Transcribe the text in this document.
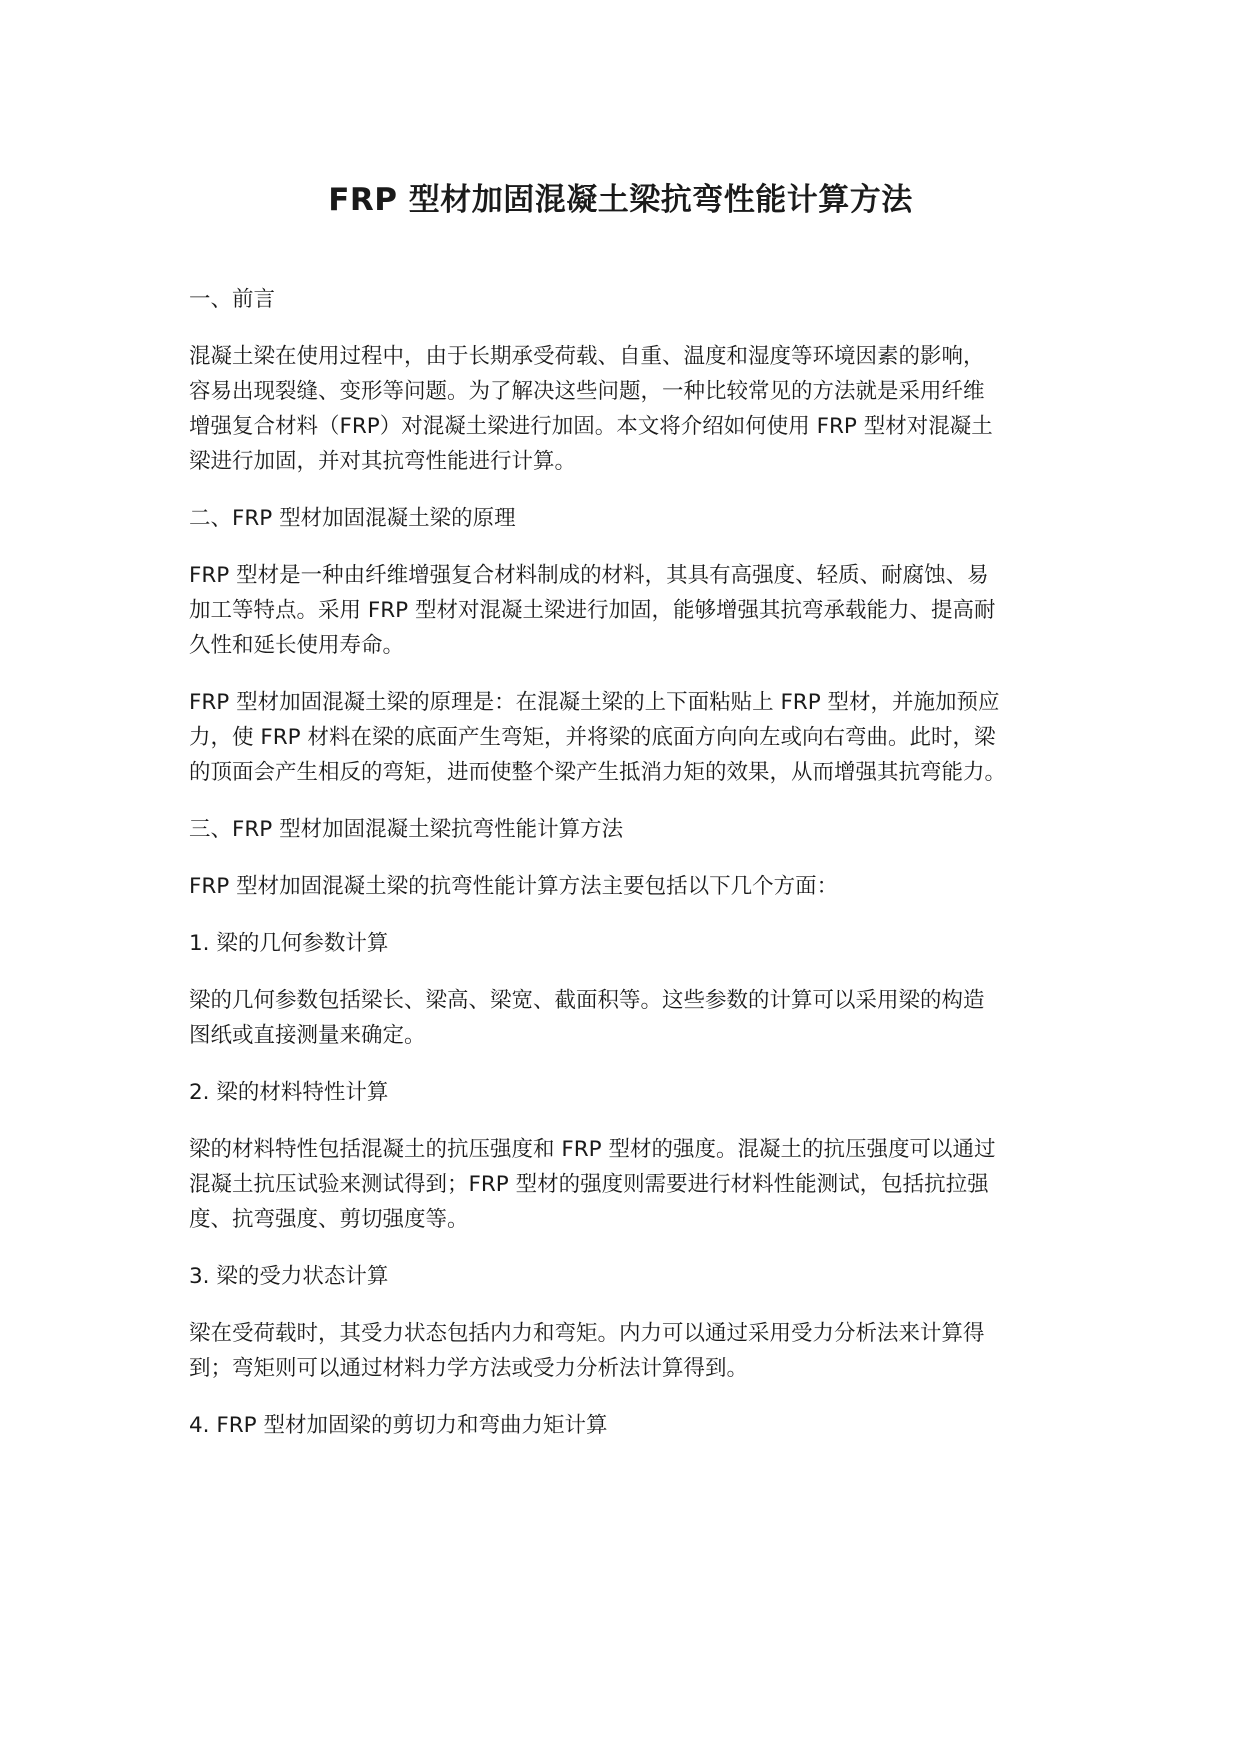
FRP 型材加固混凝土梁抗弯性能计算方法

一、前言

混凝土梁在使用过程中，由于长期承受荷载、自重、温度和湿度等环境因素的影响，
容易出现裂缝、变形等问题。为了解决这些问题，一种比较常见的方法就是采用纤维
增强复合材料（FRP）对混凝土梁进行加固。本文将介绍如何使用 FRP 型材对混凝土
梁进行加固，并对其抗弯性能进行计算。

二、FRP 型材加固混凝土梁的原理

FRP 型材是一种由纤维增强复合材料制成的材料，其具有高强度、轻质、耐腐蚀、易
加工等特点。采用 FRP 型材对混凝土梁进行加固，能够增强其抗弯承载能力、提高耐
久性和延长使用寿命。

FRP 型材加固混凝土梁的原理是：在混凝土梁的上下面粘贴上 FRP 型材，并施加预应
力，使 FRP 材料在梁的底面产生弯矩，并将梁的底面方向向左或向右弯曲。此时，梁
的顶面会产生相反的弯矩，进而使整个梁产生抵消力矩的效果，从而增强其抗弯能力。

三、FRP 型材加固混凝土梁抗弯性能计算方法

FRP 型材加固混凝土梁的抗弯性能计算方法主要包括以下几个方面：

1. 梁的几何参数计算

梁的几何参数包括梁长、梁高、梁宽、截面积等。这些参数的计算可以采用梁的构造
图纸或直接测量来确定。

2. 梁的材料特性计算

梁的材料特性包括混凝土的抗压强度和 FRP 型材的强度。混凝土的抗压强度可以通过
混凝土抗压试验来测试得到；FRP 型材的强度则需要进行材料性能测试，包括抗拉强
度、抗弯强度、剪切强度等。

3. 梁的受力状态计算

梁在受荷载时，其受力状态包括内力和弯矩。内力可以通过采用受力分析法来计算得
到；弯矩则可以通过材料力学方法或受力分析法计算得到。

4. FRP 型材加固梁的剪切力和弯曲力矩计算
